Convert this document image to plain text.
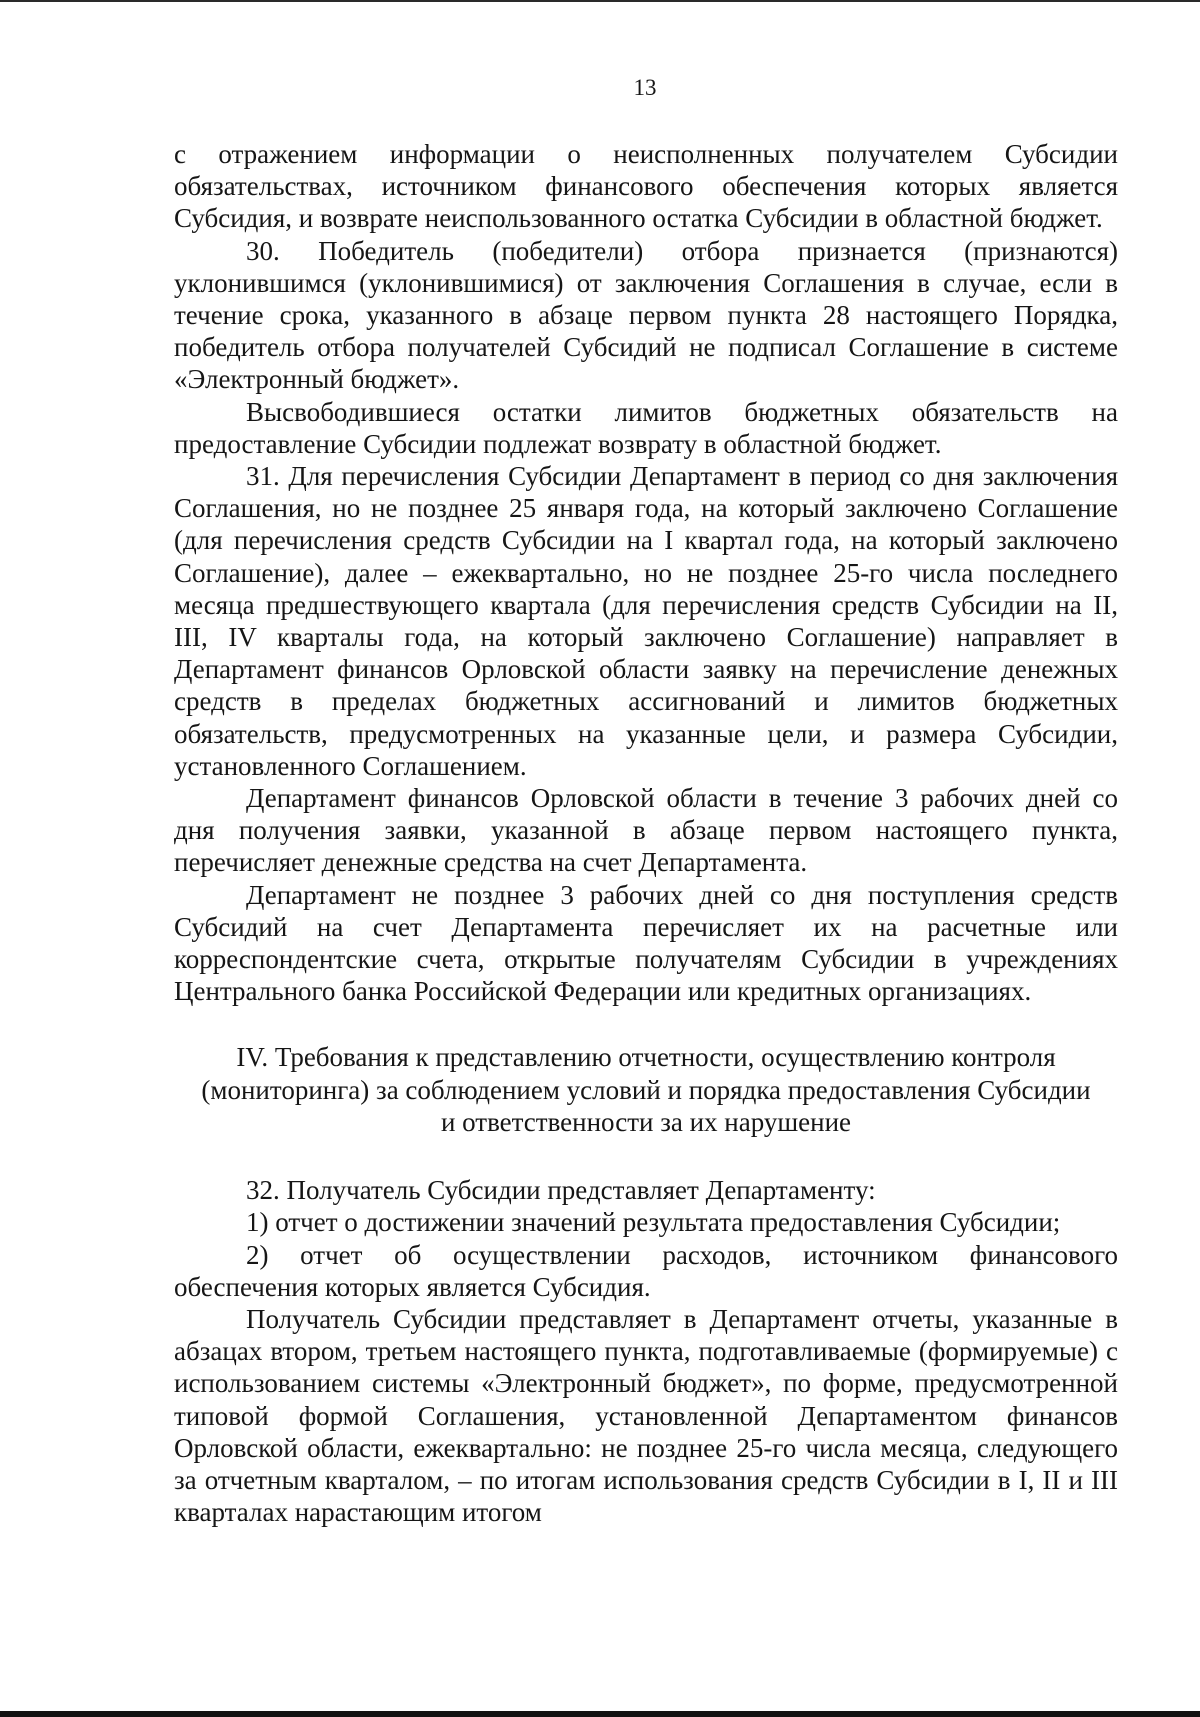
13

с отражением информации о неисполненных получателем Субсидии обязательствах, источником финансового обеспечения которых является Субсидия, и возврате неиспользованного остатка Субсидии в областной бюджет.

30. Победитель (победители) отбора признается (признаются) уклонившимся (уклонившимися) от заключения Соглашения в случае, если в течение срока, указанного в абзаце первом пункта 28 настоящего Порядка, победитель отбора получателей Субсидий не подписал Соглашение в системе «Электронный бюджет».

Высвободившиеся остатки лимитов бюджетных обязательств на предоставление Субсидии подлежат возврату в областной бюджет.

31. Для перечисления Субсидии Департамент в период со дня заключения Соглашения, но не позднее 25 января года, на который заключено Соглашение (для перечисления средств Субсидии на I квартал года, на который заключено Соглашение), далее – ежеквартально, но не позднее 25-го числа последнего месяца предшествующего квартала (для перечисления средств Субсидии на II, III, IV кварталы года, на который заключено Соглашение) направляет в Департамент финансов Орловской области заявку на перечисление денежных средств в пределах бюджетных ассигнований и лимитов бюджетных обязательств, предусмотренных на указанные цели, и размера Субсидии, установленного Соглашением.

Департамент финансов Орловской области в течение 3 рабочих дней со дня получения заявки, указанной в абзаце первом настоящего пункта, перечисляет денежные средства на счет Департамента.

Департамент не позднее 3 рабочих дней со дня поступления средств Субсидий на счет Департамента перечисляет их на расчетные или корреспондентские счета, открытые получателям Субсидии в учреждениях Центрального банка Российской Федерации или кредитных организациях.

IV. Требования к представлению отчетности, осуществлению контроля
(мониторинга) за соблюдением условий и порядка предоставления Субсидии
и ответственности за их нарушение

32. Получатель Субсидии представляет Департаменту:

1) отчет о достижении значений результата предоставления Субсидии;

2) отчет об осуществлении расходов, источником финансового обеспечения которых является Субсидия.

Получатель Субсидии представляет в Департамент отчеты, указанные в абзацах втором, третьем настоящего пункта, подготавливаемые (формируемые) с использованием системы «Электронный бюджет», по форме, предусмотренной типовой формой Соглашения, установленной Департаментом финансов Орловской области, ежеквартально: не позднее 25-го числа месяца, следующего за отчетным кварталом, – по итогам использования средств Субсидии в I, II и III кварталах нарастающим итогом
